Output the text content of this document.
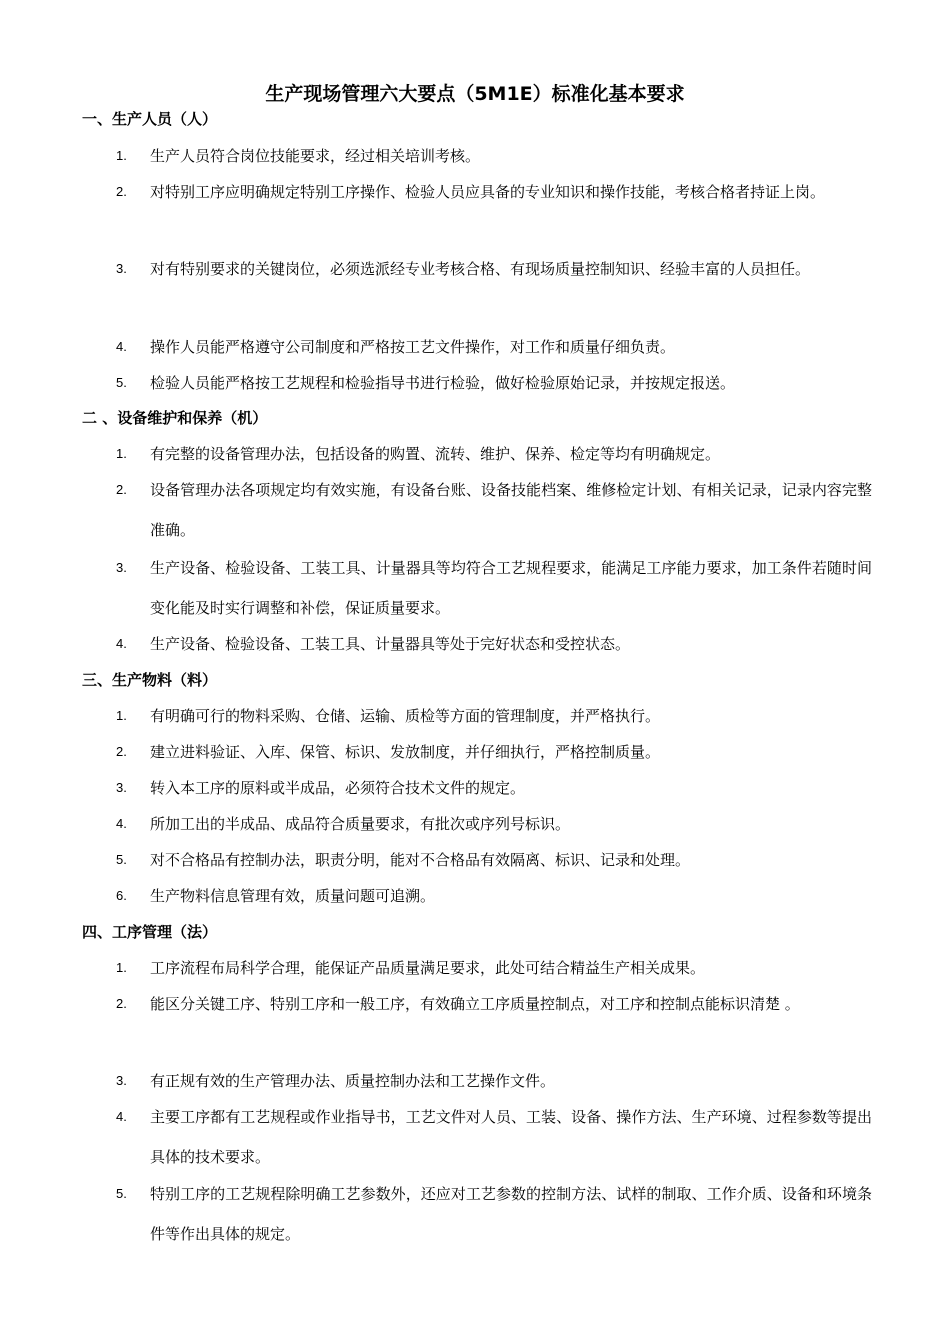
生产现场管理六大要点（5M1E）标准化基本要求
一、生产人员（人）
1.	生产人员符合岗位技能要求，经过相关培训考核。
2.	对特别工序应明确规定特别工序操作、检验人员应具备的专业知识和操作技能，考核合格者持证上岗。
3.	对有特别要求的关键岗位，必须选派经专业考核合格、有现场质量控制知识、经验丰富的人员担任。
4.	操作人员能严格遵守公司制度和严格按工艺文件操作，对工作和质量仔细负责。
5.	检验人员能严格按工艺规程和检验指导书进行检验，做好检验原始记录，并按规定报送。
二 、设备维护和保养（机）
1.	有完整的设备管理办法，包括设备的购置、流转、维护、保养、检定等均有明确规定。
2.	设备管理办法各项规定均有效实施，有设备台账、设备技能档案、维修检定计划、有相关记录，记录内容完整准确。
3.	生产设备、检验设备、工装工具、计量器具等均符合工艺规程要求，能满足工序能力要求，加工条件若随时间变化能及时实行调整和补偿，保证质量要求。
4.	生产设备、检验设备、工装工具、计量器具等处于完好状态和受控状态。
三、生产物料（料）
1.	有明确可行的物料采购、仓储、运输、质检等方面的管理制度，并严格执行。
2.	建立进料验证、入库、保管、标识、发放制度，并仔细执行，严格控制质量。
3.	转入本工序的原料或半成品，必须符合技术文件的规定。
4.	所加工出的半成品、成品符合质量要求，有批次或序列号标识。
5.	对不合格品有控制办法，职责分明，能对不合格品有效隔离、标识、记录和处理。
6.	生产物料信息管理有效，质量问题可追溯。
四、工序管理（法）
1.	工序流程布局科学合理，能保证产品质量满足要求，此处可结合精益生产相关成果。
2.	能区分关键工序、特别工序和一般工序，有效确立工序质量控制点，对工序和控制点能标识清楚 。
3.	有正规有效的生产管理办法、质量控制办法和工艺操作文件。
4.	主要工序都有工艺规程或作业指导书，工艺文件对人员、工装、设备、操作方法、生产环境、过程参数等提出具体的技术要求。
5.	特别工序的工艺规程除明确工艺参数外，还应对工艺参数的控制方法、试样的制取、工作介质、设备和环境条件等作出具体的规定。
